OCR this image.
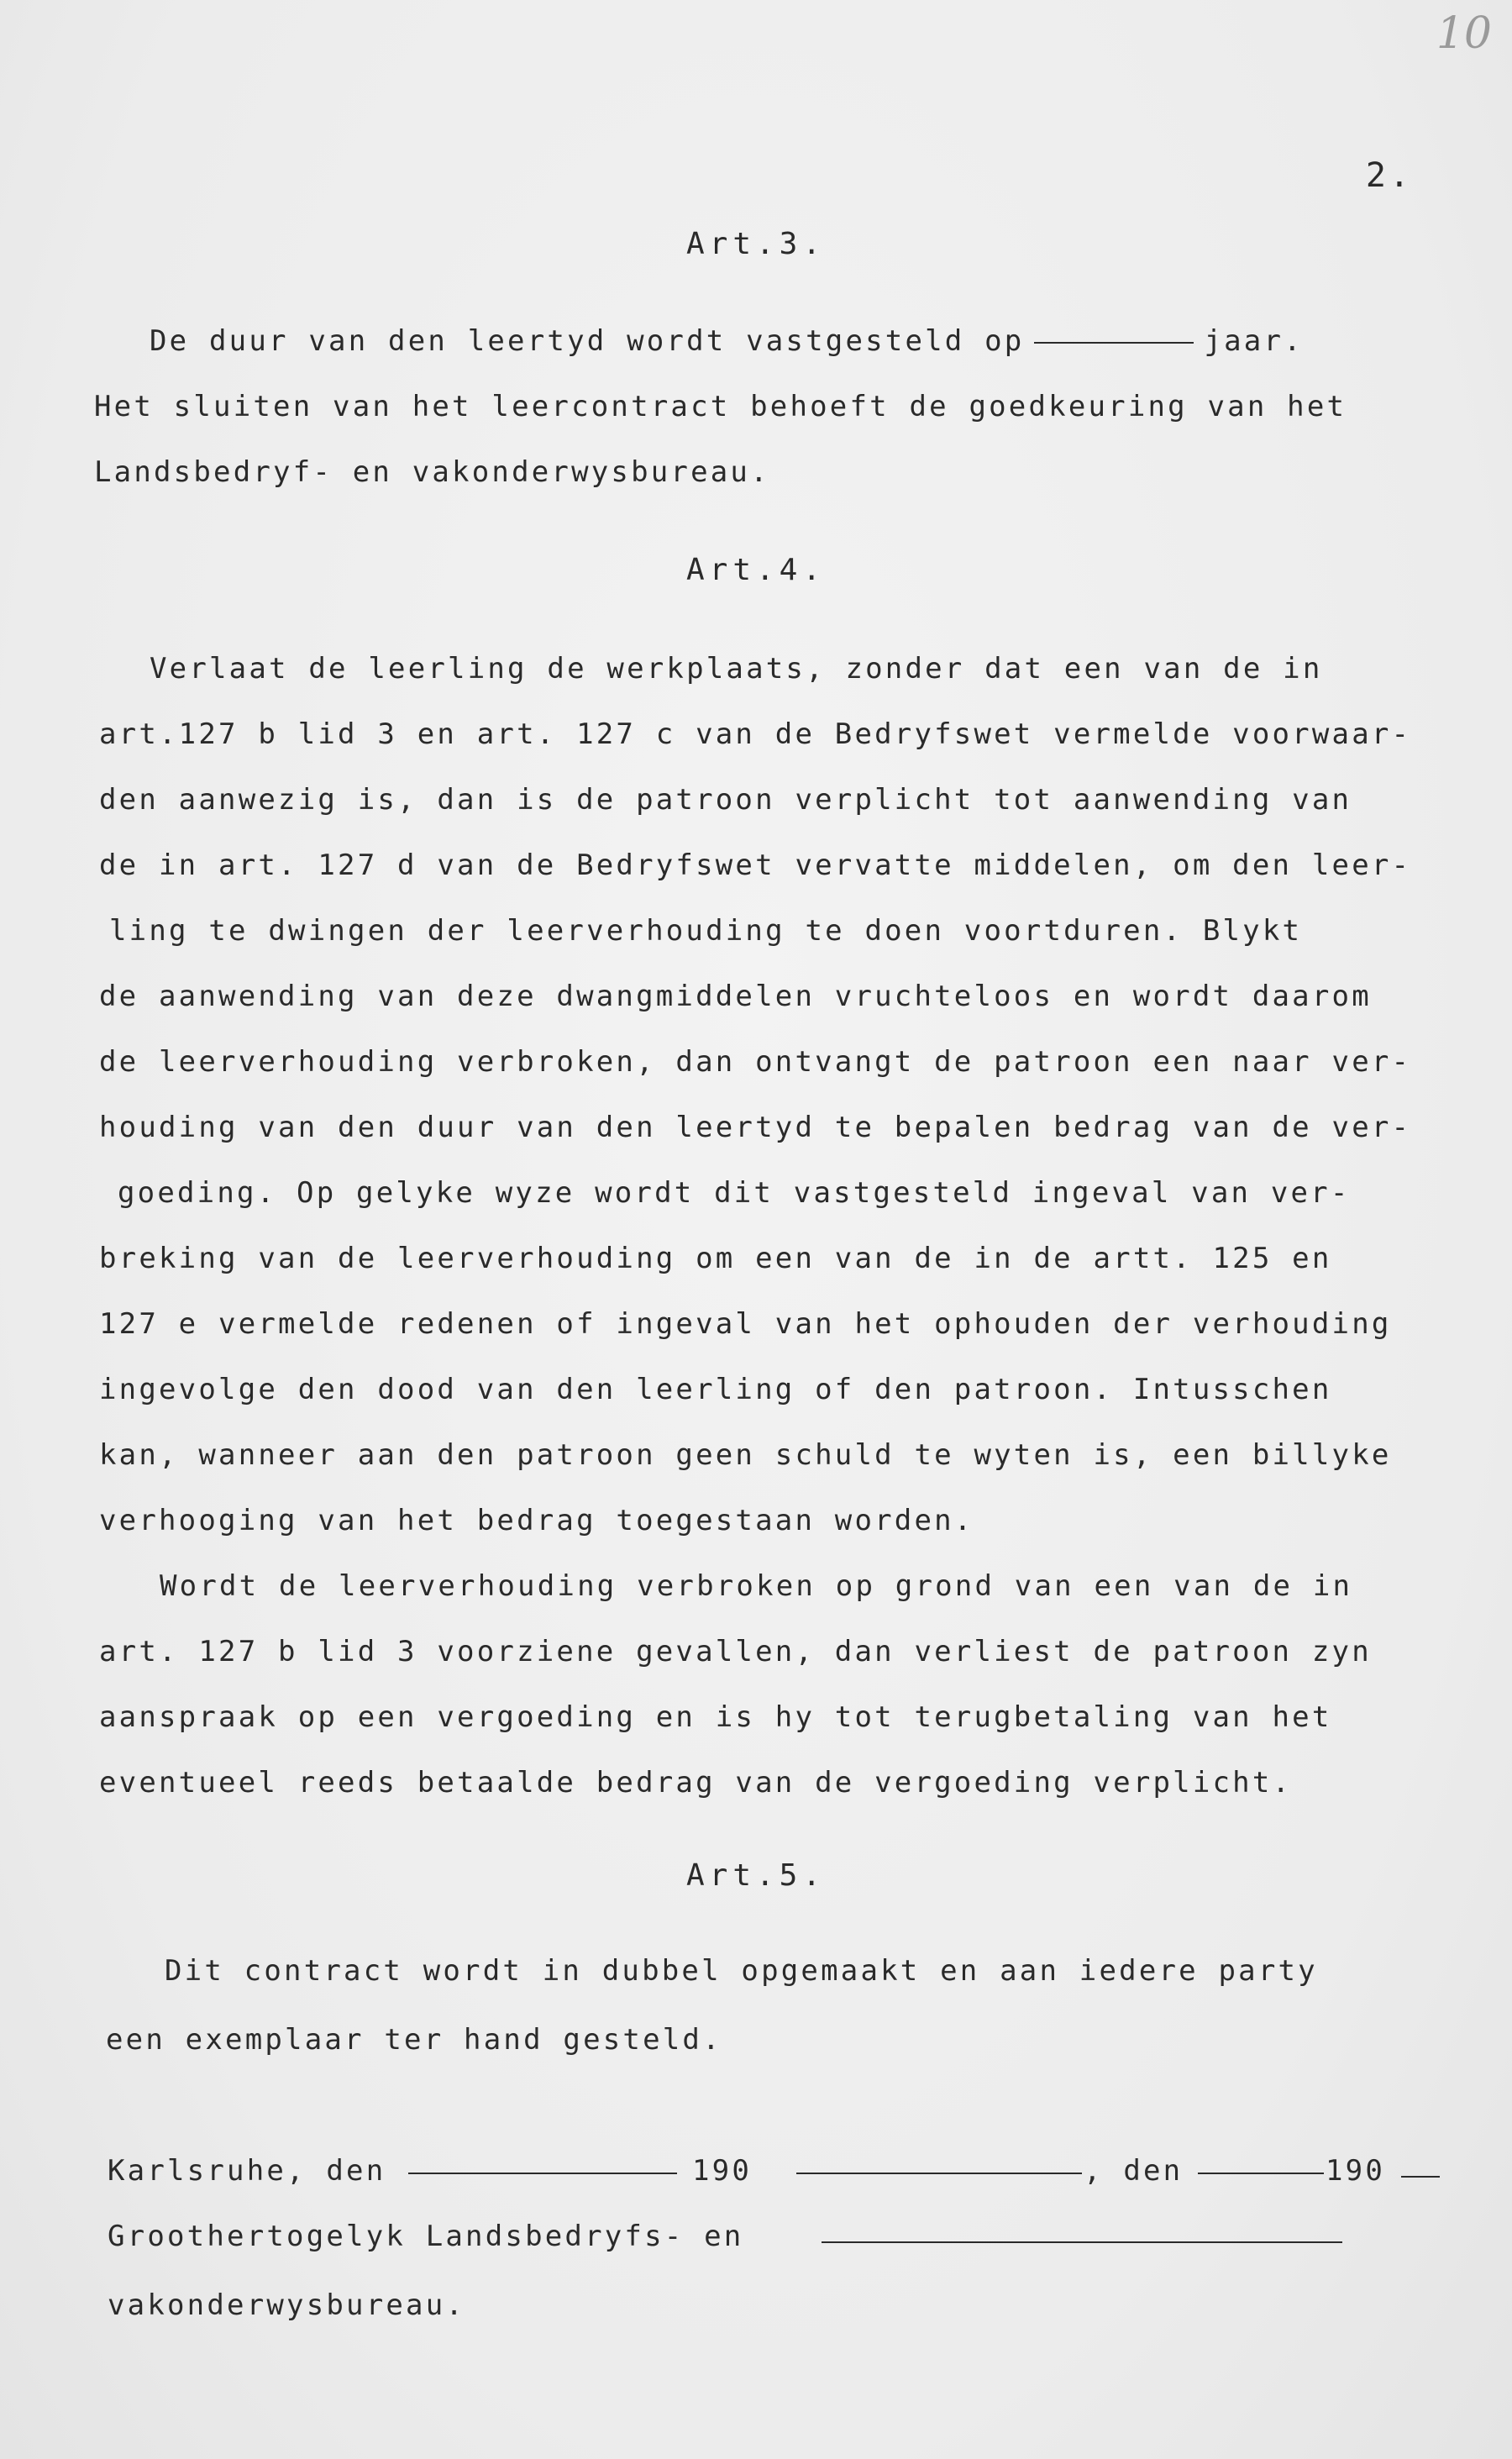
10
2.
Art.3.
De duur van den leertyd wordt vastgesteld op	jaar.
Het sluiten van het leercontract behoeft de goedkeuring van het
Landsbedryf- en vakonderwysbureau.
Art.4.
Verlaat de leerling de werkplaats, zonder dat een van de in
art.127 b lid 3 en art. 127 c van de Bedryfswet vermelde voorwaar-
den aanwezig is, dan is de patroon verplicht tot aanwending van
de in art. 127 d van de Bedryfswet vervatte middelen, om den leer-
ling te dwingen der leerverhouding te doen voortduren. Blykt
de aanwending van deze dwangmiddelen vruchteloos en wordt daarom
de leerverhouding verbroken, dan ontvangt de patroon een naar ver-
houding van den duur van den leertyd te bepalen bedrag van de ver-
goeding. Op gelyke wyze wordt dit vastgesteld ingeval van ver-
breking van de leerverhouding om een van de in de artt. 125 en
127 e vermelde redenen of ingeval van het ophouden der verhouding
ingevolge den dood van den leerling of den patroon. Intusschen
kan, wanneer aan den patroon geen schuld te wyten is, een billyke
verhooging van het bedrag toegestaan worden.
Wordt de leerverhouding verbroken op grond van een van de in
art. 127 b lid 3 voorziene gevallen, dan verliest de patroon zyn
aanspraak op een vergoeding en is hy tot terugbetaling van het
eventueel reeds betaalde bedrag van de vergoeding verplicht.
Art.5.
Dit contract wordt in dubbel opgemaakt en aan iedere party
een exemplaar ter hand gesteld.
Karlsruhe, den	190	, den	190
Groothertogelyk Landsbedryfs- en
vakonderwysbureau.
